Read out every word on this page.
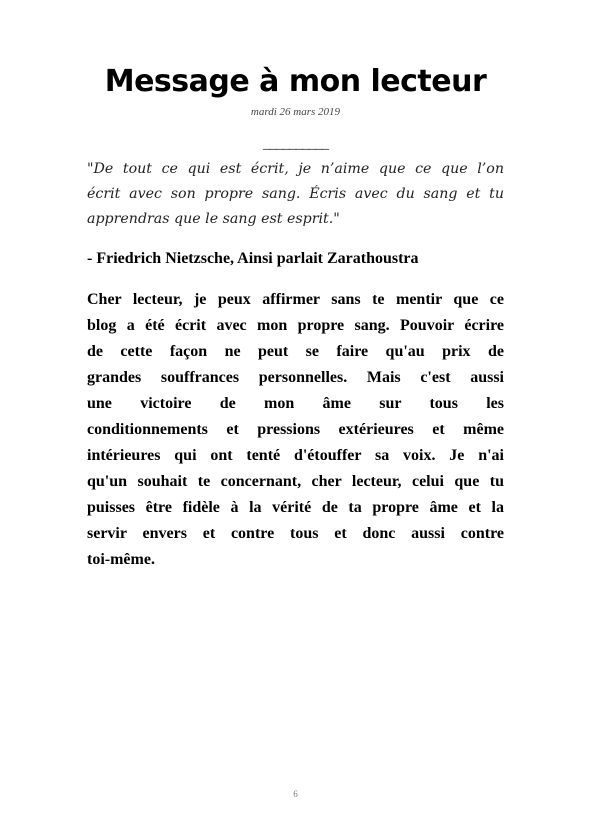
Message à mon lecteur
mardi 26 mars 2019
__________

"De tout ce qui est écrit, je n’aime que ce que l’on
écrit avec son propre sang. Écris avec du sang et tu
apprendras que le sang est esprit."

- Friedrich Nietzsche, Ainsi parlait Zarathoustra

Cher lecteur, je peux affirmer sans te mentir que ce
blog a été écrit avec mon propre sang. Pouvoir écrire
de cette façon ne peut se faire qu'au prix de
grandes souffrances personnelles. Mais c'est aussi
une victoire de mon âme sur tous les
conditionnements et pressions extérieures et même
intérieures qui ont tenté d'étouffer sa voix. Je n'ai
qu'un souhait te concernant, cher lecteur, celui que tu
puisses être fidèle à la vérité de ta propre âme et la
servir envers et contre tous et donc aussi contre
toi-même.
6
